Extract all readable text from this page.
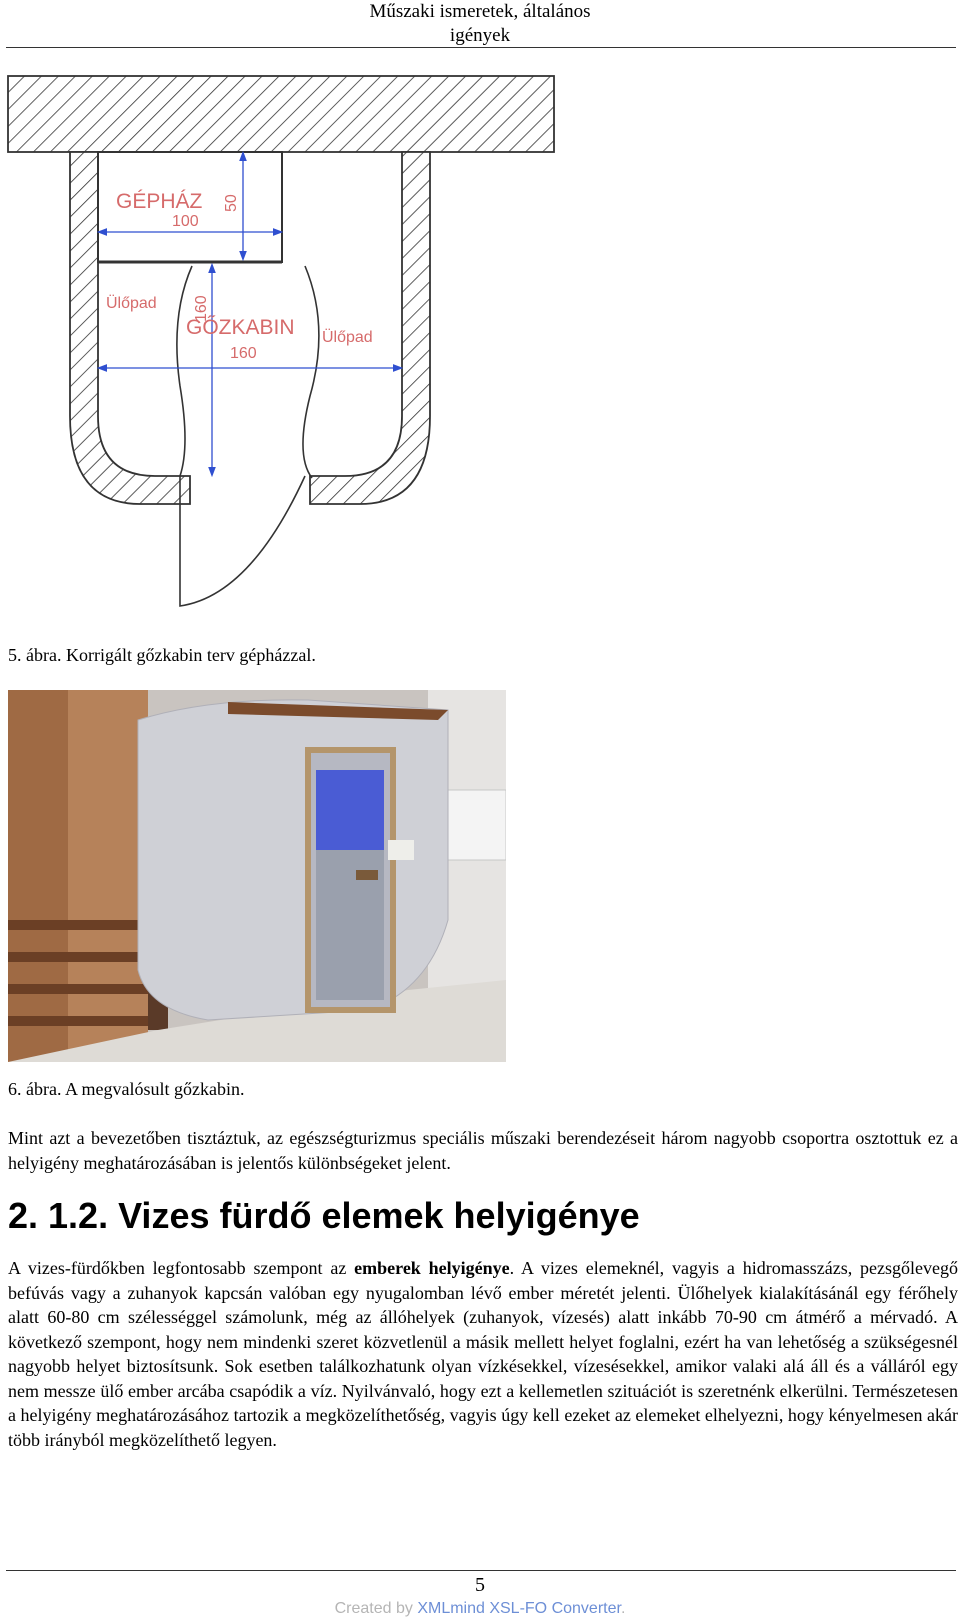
Műszaki ismeretek, általános
igények
GÉPHÁZ
100
50
Ülőpad
GŐZKABIN
160
160
Ülőpad
5. ábra. Korrigált gőzkabin terv gépházzal.
6. ábra. A megvalósult gőzkabin.

Mint azt a bevezetőben tisztáztuk, az egészségturizmus speciális műszaki berendezéseit három nagyobb csoportra osztottuk ez a helyigény meghatározásában is jelentős különbségeket jelent.

2. 1.2. Vizes fürdő elemek helyigénye

A vizes-fürdőkben legfontosabb szempont az emberek helyigénye. A vizes elemeknél, vagyis a hidromasszázs, pezsgőlevegő befúvás vagy a zuhanyok kapcsán valóban egy nyugalomban lévő ember méretét jelenti. Ülőhelyek kialakításánál egy férőhely alatt 60-80 cm szélességgel számolunk, még az állóhelyek (zuhanyok, vízesés) alatt inkább 70-90 cm átmérő a mérvadó. A következő szempont, hogy nem mindenki szeret közvetlenül a másik mellett helyet foglalni, ezért ha van lehetőség a szükségesnél nagyobb helyet biztosítsunk. Sok esetben találkozhatunk olyan vízkésekkel, vízesésekkel, amikor valaki alá áll és a válláról egy nem messze ülő ember arcába csapódik a víz. Nyilvánvaló, hogy ezt a kellemetlen szituációt is szeretnénk elkerülni. Természetesen a helyigény meghatározásához tartozik a megközelíthetőség, vagyis úgy kell ezeket az elemeket elhelyezni, hogy kényelmesen akár több irányból megközelíthető legyen.

5
Created by XMLmind XSL-FO Converter.
